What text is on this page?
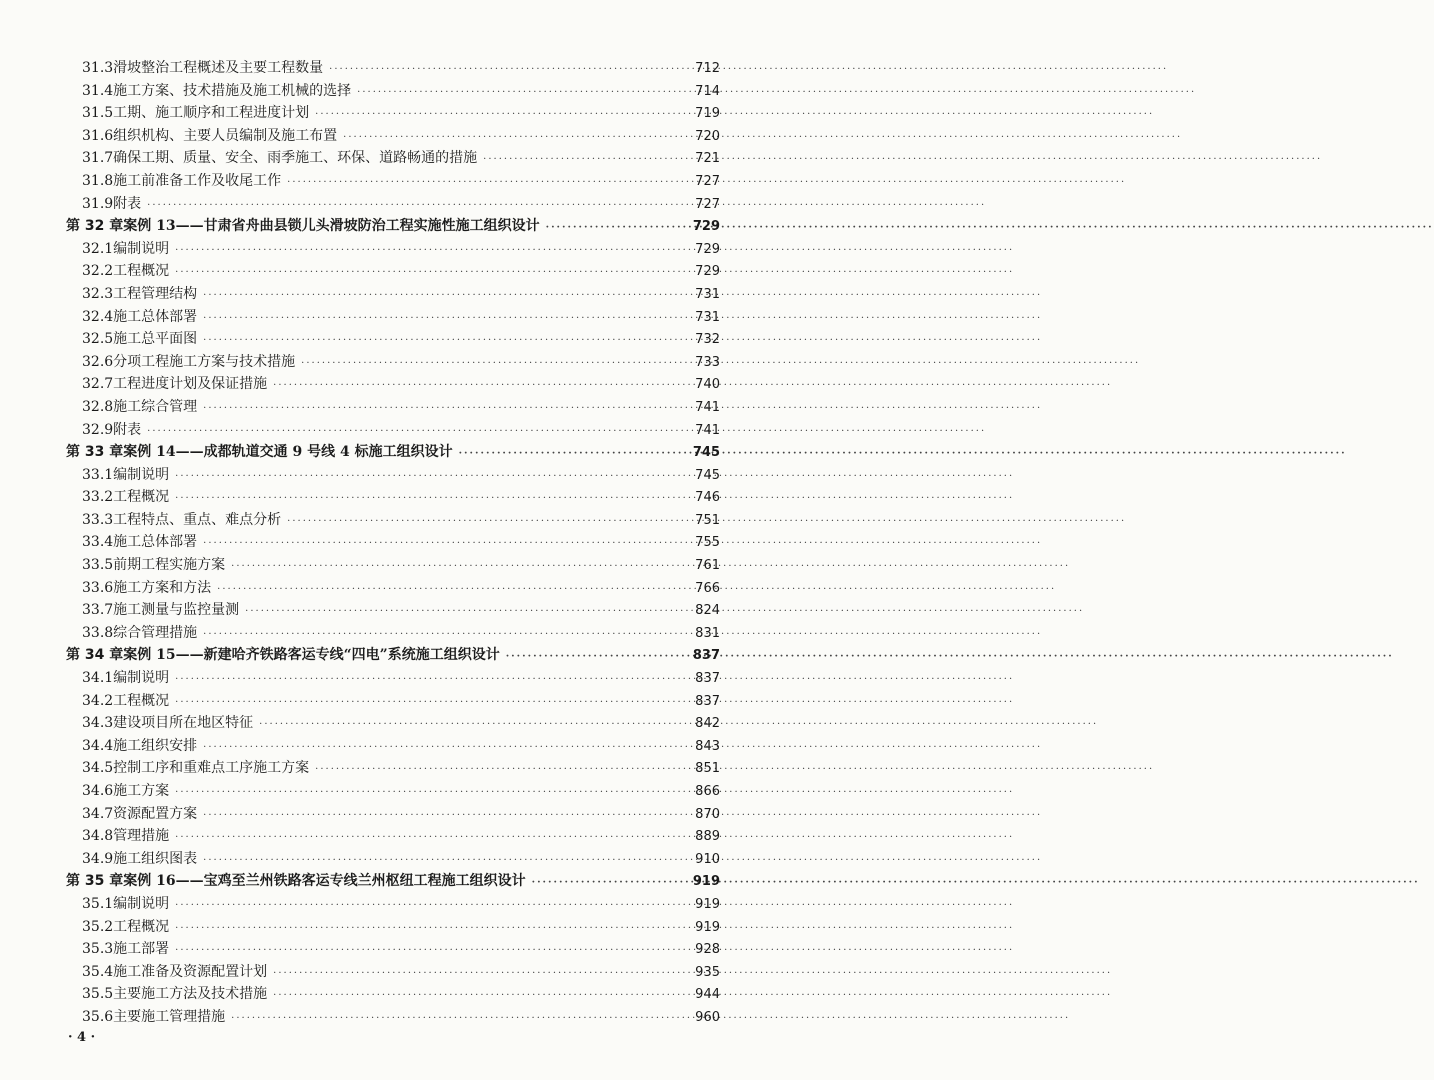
31.3 滑坡整治工程概述及主要工程数量 ·····	712
31.4 施工方案、技术措施及施工机械的选择 ·····	714
31.5 工期、施工顺序和工程进度计划 ·····	719
31.6 组织机构、主要人员编制及施工布置 ·····	720
31.7 确保工期、质量、安全、雨季施工、环保、道路畅通的措施 ·····	721
31.8 施工前准备工作及收尾工作 ·····	727
31.9 附表 ·····	727
第 32 章 案例 13——甘肃省舟曲县锁儿头滑坡防治工程实施性施工组织设计 ·····	729
32.1 编制说明 ·····	729
32.2 工程概况 ·····	729
32.3 工程管理结构 ·····	731
32.4 施工总体部署 ·····	731
32.5 施工总平面图 ·····	732
32.6 分项工程施工方案与技术措施 ·····	733
32.7 工程进度计划及保证措施 ·····	740
32.8 施工综合管理 ·····	741
32.9 附表 ·····	741
第 33 章 案例 14——成都轨道交通 9 号线 4 标施工组织设计 ·····	745
33.1 编制说明 ·····	745
33.2 工程概况 ·····	746
33.3 工程特点、重点、难点分析 ·····	751
33.4 施工总体部署 ·····	755
33.5 前期工程实施方案 ·····	761
33.6 施工方案和方法 ·····	766
33.7 施工测量与监控量测 ·····	824
33.8 综合管理措施 ·····	831
第 34 章 案例 15——新建哈齐铁路客运专线“四电”系统施工组织设计 ·····	837
34.1 编制说明 ·····	837
34.2 工程概况 ·····	837
34.3 建设项目所在地区特征 ·····	842
34.4 施工组织安排 ·····	843
34.5 控制工序和重难点工序施工方案 ·····	851
34.6 施工方案 ·····	866
34.7 资源配置方案 ·····	870
34.8 管理措施 ·····	889
34.9 施工组织图表 ·····	910
第 35 章 案例 16——宝鸡至兰州铁路客运专线兰州枢纽工程施工组织设计 ·····	919
35.1 编制说明 ·····	919
35.2 工程概况 ·····	919
35.3 施工部署 ·····	928
35.4 施工准备及资源配置计划 ·····	935
35.5 主要施工方法及技术措施 ·····	944
35.6 主要施工管理措施 ·····	960
· 4 ·
